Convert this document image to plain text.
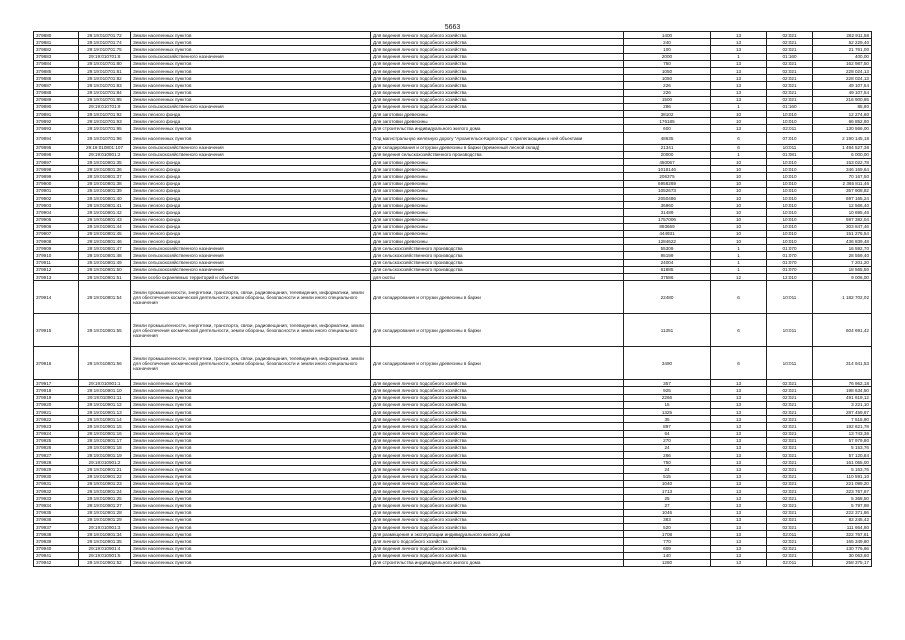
5663
379880	29:19:010701:72	Земли населенных пунктов	Для ведения личного подсобного хозяйства	1400	13	02:021	262 911,58
379881	29:19:010701:74	Земли населенных пунктов	Для ведения личного подсобного хозяйства	240	13	02:021	52 229,40
379882	29:19:010701:75	Земли населенных пунктов	Для ведения личного подсобного хозяйства	100	13	02:021	21 761,00
379883	29:19:010701:8	Земли сельскохозяйственного назначения	Для ведения личного подсобного хозяйства	2000	1	01:160	400,00
379884	29:19:010701:80	Земли населенных пунктов	Для ведения личного подсобного хозяйства	750	13	02:021	162 987,50
379885	29:19:010701:81	Земли населенных пунктов	Для ведения личного подсобного хозяйства	1050	13	02:021	228 024,13
379886	29:19:010701:82	Земли населенных пунктов	Для ведения личного подсобного хозяйства	1050	13	02:021	228 024,13
379887	29:19:010701:83	Земли населенных пунктов	Для ведения личного подсобного хозяйства	226	13	02:021	49 107,54
379888	29:19:010701:84	Земли населенных пунктов	Для ведения личного подсобного хозяйства	226	13	02:021	49 107,54
379889	29:19:010701:85	Земли населенных пунктов	Для ведения личного подсобного хозяйства	1500	13	02:021	216 900,85
379890	29:19:010701:9	Земли сельскохозяйственного назначения	Для ведения личного подсобного хозяйства	286	1	01:160	85,80
379891	29:19:010701:92	Земли лесного фонда	Для заготовки древесины	38102	10	10:010	12 274,60
379892	29:19:010701:93	Земли лесного фонда	Для заготовки древесины	176185	10	10:010	66 852,90
379893	29:19:010701:95	Земли населенных пунктов	Для строительства индивидуального жилого дома	600	13	02:011	130 566,00
379894	29:19:010701:96	Земли населенных пунктов	Под магистральную железную дорогу "Архангельск-Карпогоры" с прилегающими к ней объектами	48635	6	07:010	2 190 145,18
379895	29:19:010801:107	Земли сельскохозяйственного назначения	Для складирования и отгрузки древесины в баржи (временный лесной склад)	21341	6	10:011	1 494 527,38
379896	29:19:010801:2	Земли сельскохозяйственного назначения	Для ведения сельскохозяйственного производства	20000	1	01:081	6 000,00
379897	29:19:010801:35	Земли лесного фонда	Для заготовки древесины	450067	10	10:010	153 022,78
379898	29:19:010801:36	Земли лесного фонда	Для заготовки древесины	1018146	10	10:010	346 169,64
379899	29:19:010801:37	Земли лесного фонда	Для заготовки древесины	206375	10	10:010	70 167,50
379900	29:19:010801:38	Земли лесного фонда	Для заготовки древесины	6958269	10	10:010	2 365 811,46
379901	29:19:010801:39	Земли лесного фонда	Для заготовки древесины	1052673	10	10:010	357 908,82
379902	29:19:010801:40	Земли лесного фонда	Для заготовки древесины	2050486	10	10:010	697 165,24
379903	29:19:010801:41	Земли лесного фонда	Для заготовки древесины	36960	10	10:010	12 566,40
379904	29:19:010801:42	Земли лесного фонда	Для заготовки древесины	31489	10	10:010	10 695,46
379905	29:19:010801:43	Земли лесного фонда	Для заготовки древесины	1757006	10	10:010	597 382,04
379906	29:19:010801:44	Земли лесного фонда	Для заготовки древесины	893669	10	10:010	303 847,46
379907	29:19:010801:45	Земли лесного фонда	Для заготовки древесины	444931	10	10:010	151 276,54
379908	29:19:010801:46	Земли лесного фонда	Для заготовки древесины	1284622	10	10:010	436 839,48
379909	29:19:010801:47	Земли сельскохозяйственного назначения	Для сельскохозяйственного производства	55309	1	01:070	16 592,70
379910	29:19:010801:48	Земли сельскохозяйственного назначения	Для сельскохозяйственного производства	95199	1	01:070	28 559,40
379911	29:19:010801:49	Земли сельскохозяйственного назначения	Для сельскохозяйственного производства	24004	1	01:070	7 201,20
379912	29:19:010801:50	Земли сельскохозяйственного назначения	Для сельскохозяйственного производства	61885	1	01:070	18 565,50
379913	29:19:010801:51	Земли особо охраняемых территорий и объектов	для охоты	37586	12	12:010	9 006,00
379914	29:19:010801:54	Земли промышленности, энергетики, транспорта, связи, радиовещания, телевидения, информатики, земли для обеспечения космической деятельности, земли обороны, безопасности и земли иного специального назначения	Для складирования и отгрузки древесины в баржи	22480	6	10:011	1 182 702,02
379915	29:19:010801:55	Земли промышленности, энергетики, транспорта, связи, радиовещания, телевидения, информатики, земли для обеспечения космической деятельности, земли обороны, безопасности и земли иного специального назначения	Для складирования и отгрузки древесины в баржи	11351	6	10:011	604 691,42
379916	29:19:010801:56	Земли промышленности, энергетики, транспорта, связи, радиовещания, телевидения, информатики, земли для обеспечения космической деятельности, земли обороны, безопасности и земли иного специального назначения	Для складирования и отгрузки древесины в баржи	3490	6	10:011	314 941,53
379917	29:19:010901:1	Земли населенных пунктов	Для ведения личного подсобного хозяйства	357	13	02:021	76 962,18
379918	29:19:010901:10	Земли населенных пунктов	Для ведения личного подсобного хозяйства	925	13	02:021	198 634,50
379919	29:19:010901:11	Земли населенных пунктов	Для ведения личного подсобного хозяйства	2266	13	02:021	491 619,12
379920	29:19:010901:12	Земли населенных пунктов	Для ведения личного подсобного хозяйства	15	13	02:021	3 221,10
379921	29:19:010901:13	Земли населенных пунктов	Для ведения личного подсобного хозяйства	1325	13	02:021	287 459,67
379922	29:19:010901:14	Земли населенных пунктов	Для ведения личного подсобного хозяйства	35	13	02:021	7 515,90
379923	29:19:010901:15	Земли населенных пунктов	Для ведения личного подсобного хозяйства	897	13	02:021	192 621,78
379924	29:19:010901:16	Земли населенных пунктов	Для ведения личного подсобного хозяйства	64	13	02:021	13 743,36
379925	29:19:010901:17	Земли населенных пунктов	Для ведения личного подсобного хозяйства	270	13	02:021	57 979,80
379926	29:19:010901:18	Земли населенных пунктов	Для ведения личного подсобного хозяйства	24	13	02:021	5 153,76
379927	29:19:010901:19	Земли населенных пунктов	Для ведения личного подсобного хозяйства	266	13	02:021	57 120,84
379928	29:19:010901:2	Земли населенных пунктов	Для ведения личного подсобного хозяйства	750	13	02:021	161 055,00
379929	29:19:010901:21	Земли населенных пунктов	Для ведения личного подсобного хозяйства	24	13	02:021	5 153,76
379930	29:19:010901:22	Земли населенных пунктов	Для ведения личного подсобного хозяйства	515	13	02:021	110 591,10
379931	29:19:010901:23	Земли населенных пунктов	Для ведения личного подсобного хозяйства	1040	13	02:021	221 099,20
379932	29:19:010901:24	Земли населенных пунктов	Для ведения личного подсобного хозяйства	1713	13	02:021	323 767,67
379933	29:19:010901:25	Земли населенных пунктов	Для ведения личного подсобного хозяйства	25	13	02:021	5 368,50
379934	29:19:010901:27	Земли населенных пунктов	Для ведения личного подсобного хозяйства	27	13	02:021	5 797,98
379935	29:19:010901:28	Земли населенных пунктов	Для ведения личного подсобного хозяйства	1046	13	02:021	222 371,86
379936	29:19:010901:29	Земли населенных пунктов	Для ведения личного подсобного хозяйства	383	13	02:021	82 245,42
379937	29:19:010901:3	Земли населенных пунктов	Для ведения личного подсобного хозяйства	520	13	02:021	111 664,80
379938	29:19:010901:34	Земли населенных пунктов	Для размещения и эксплуатации индивидуального жилого дома	1708	13	02:011	322 767,61
379939	29:19:010901:35	Земли населенных пунктов	Для личного подсобного хозяйства	770	13	02:021	165 349,80
379940	29:19:010901:4	Земли населенных пунктов	Для ведения личного подсобного хозяйства	609	13	02:021	130 776,66
379941	29:19:010901:5	Земли населенных пунктов	Для ведения личного подсобного хозяйства	140	13	02:021	30 063,60
379942	29:19:010901:52	Земли населенных пунктов	Для строительства индивидуального жилого дома	1280	13	02:011	258 375,17
